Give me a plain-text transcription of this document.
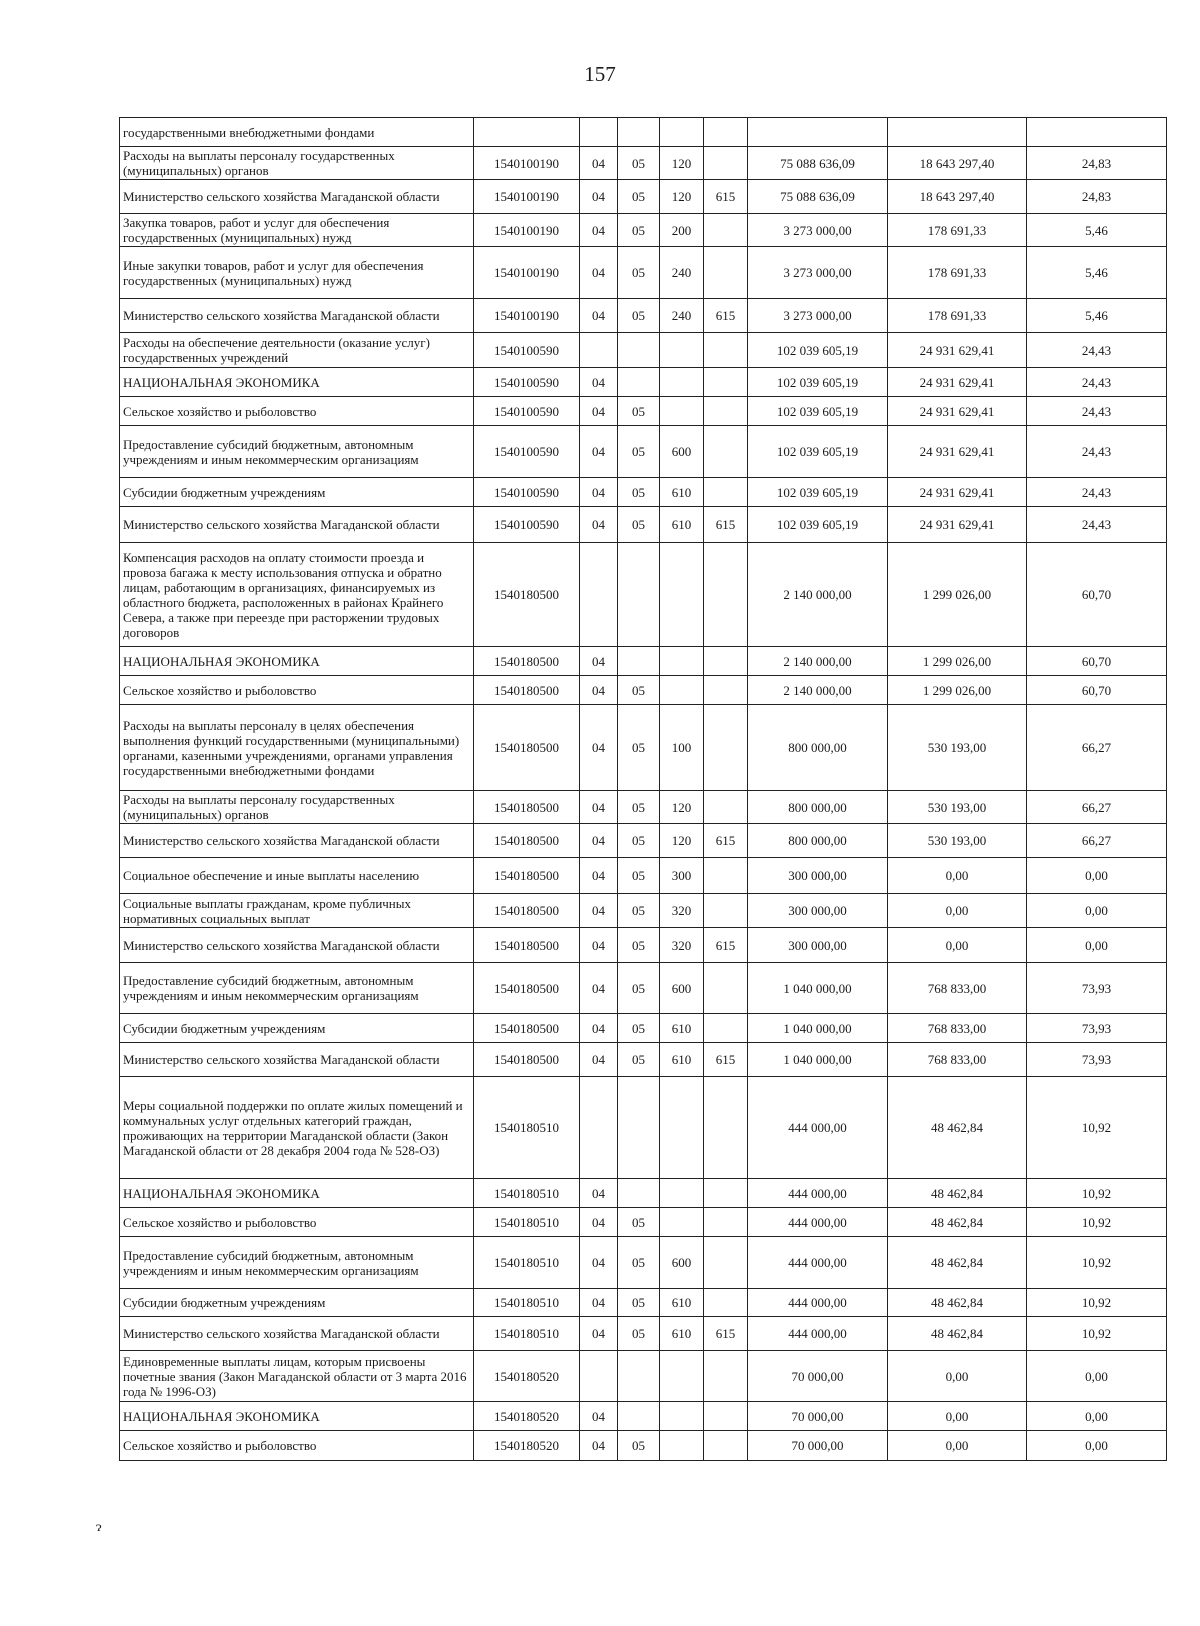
157
государственными внебюджетными фондами								
Расходы на выплаты персоналу государственных (муниципальных) органов	1540100190	04	05	120		75 088 636,09	18 643 297,40	24,83
Министерство сельского хозяйства Магаданской области	1540100190	04	05	120	615	75 088 636,09	18 643 297,40	24,83
Закупка товаров, работ и услуг для обеспечения государственных (муниципальных) нужд	1540100190	04	05	200		3 273 000,00	178 691,33	5,46
Иные закупки товаров, работ и услуг для обеспечения государственных (муниципальных) нужд	1540100190	04	05	240		3 273 000,00	178 691,33	5,46
Министерство сельского хозяйства Магаданской области	1540100190	04	05	240	615	3 273 000,00	178 691,33	5,46
Расходы на обеспечение деятельности (оказание услуг) государственных учреждений	1540100590					102 039 605,19	24 931 629,41	24,43
НАЦИОНАЛЬНАЯ ЭКОНОМИКА	1540100590	04				102 039 605,19	24 931 629,41	24,43
Сельское хозяйство и рыболовство	1540100590	04	05			102 039 605,19	24 931 629,41	24,43
Предоставление субсидий бюджетным, автономным учреждениям и иным некоммерческим организациям	1540100590	04	05	600		102 039 605,19	24 931 629,41	24,43
Субсидии бюджетным учреждениям	1540100590	04	05	610		102 039 605,19	24 931 629,41	24,43
Министерство сельского хозяйства Магаданской области	1540100590	04	05	610	615	102 039 605,19	24 931 629,41	24,43
Компенсация расходов на оплату стоимости проезда и провоза багажа к месту использования отпуска и обратно лицам, работающим в организациях, финансируемых из областного бюджета, расположенных в районах Крайнего Севера, а также при переезде при расторжении трудовых договоров	1540180500					2 140 000,00	1 299 026,00	60,70
НАЦИОНАЛЬНАЯ ЭКОНОМИКА	1540180500	04				2 140 000,00	1 299 026,00	60,70
Сельское хозяйство и рыболовство	1540180500	04	05			2 140 000,00	1 299 026,00	60,70
Расходы на выплаты персоналу в целях обеспечения выполнения функций государственными (муниципальными) органами, казенными учреждениями, органами управления государственными внебюджетными фондами	1540180500	04	05	100		800 000,00	530 193,00	66,27
Расходы на выплаты персоналу государственных (муниципальных) органов	1540180500	04	05	120		800 000,00	530 193,00	66,27
Министерство сельского хозяйства Магаданской области	1540180500	04	05	120	615	800 000,00	530 193,00	66,27
Социальное обеспечение и иные выплаты населению	1540180500	04	05	300		300 000,00	0,00	0,00
Социальные выплаты гражданам, кроме публичных нормативных социальных выплат	1540180500	04	05	320		300 000,00	0,00	0,00
Министерство сельского хозяйства Магаданской области	1540180500	04	05	320	615	300 000,00	0,00	0,00
Предоставление субсидий бюджетным, автономным учреждениям и иным некоммерческим организациям	1540180500	04	05	600		1 040 000,00	768 833,00	73,93
Субсидии бюджетным учреждениям	1540180500	04	05	610		1 040 000,00	768 833,00	73,93
Министерство сельского хозяйства Магаданской области	1540180500	04	05	610	615	1 040 000,00	768 833,00	73,93
Меры социальной поддержки по оплате жилых помещений и коммунальных услуг отдельных категорий граждан, проживающих на территории Магаданской области (Закон Магаданской области от 28 декабря 2004 года № 528-ОЗ)	1540180510					444 000,00	48 462,84	10,92
НАЦИОНАЛЬНАЯ ЭКОНОМИКА	1540180510	04				444 000,00	48 462,84	10,92
Сельское хозяйство и рыболовство	1540180510	04	05			444 000,00	48 462,84	10,92
Предоставление субсидий бюджетным, автономным учреждениям и иным некоммерческим организациям	1540180510	04	05	600		444 000,00	48 462,84	10,92
Субсидии бюджетным учреждениям	1540180510	04	05	610		444 000,00	48 462,84	10,92
Министерство сельского хозяйства Магаданской области	1540180510	04	05	610	615	444 000,00	48 462,84	10,92
Единовременные выплаты лицам, которым присвоены почетные звания (Закон Магаданской области от 3 марта 2016 года № 1996-ОЗ)	1540180520					70 000,00	0,00	0,00
НАЦИОНАЛЬНАЯ ЭКОНОМИКА	1540180520	04				70 000,00	0,00	0,00
Сельское хозяйство и рыболовство	1540180520	04	05			70 000,00	0,00	0,00
ɂ
